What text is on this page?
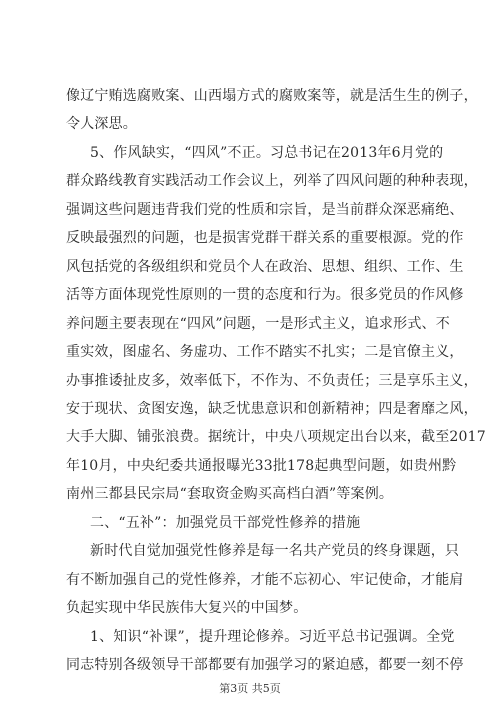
像辽宁贿选腐败案、山西塌方式的腐败案等，就是活生生的例子，
令人深思。
5、作风缺实，“四风”不正。习总书记在2013年6月党的
群众路线教育实践活动工作会议上，列举了四风问题的种种表现，
强调这些问题违背我们党的性质和宗旨，是当前群众深恶痛绝、
反映最强烈的问题，也是损害党群干群关系的重要根源。党的作
风包括党的各级组织和党员个人在政治、思想、组织、工作、生
活等方面体现党性原则的一贯的态度和行为。很多党员的作风修
养问题主要表现在“四风”问题，一是形式主义，追求形式、不
重实效，图虚名、务虚功、工作不踏实不扎实；二是官僚主义，
办事推诿扯皮多，效率低下，不作为、不负责任；三是享乐主义，
安于现状、贪图安逸，缺乏忧患意识和创新精神；四是奢靡之风，
大手大脚、铺张浪费。据统计，中央八项规定出台以来，截至2017
年10月，中央纪委共通报曝光33批178起典型问题，如贵州黔
南州三都县民宗局“套取资金购买高档白酒”等案例。
二、“五补”：加强党员干部党性修养的措施
新时代自觉加强党性修养是每一名共产党员的终身课题，只
有不断加强自己的党性修养，才能不忘初心、牢记使命，才能肩
负起实现中华民族伟大复兴的中国梦。
1、知识“补课”，提升理论修养。习近平总书记强调。全党
同志特别各级领导干部都要有加强学习的紧迫感，都要一刻不停
第3页 共5页
